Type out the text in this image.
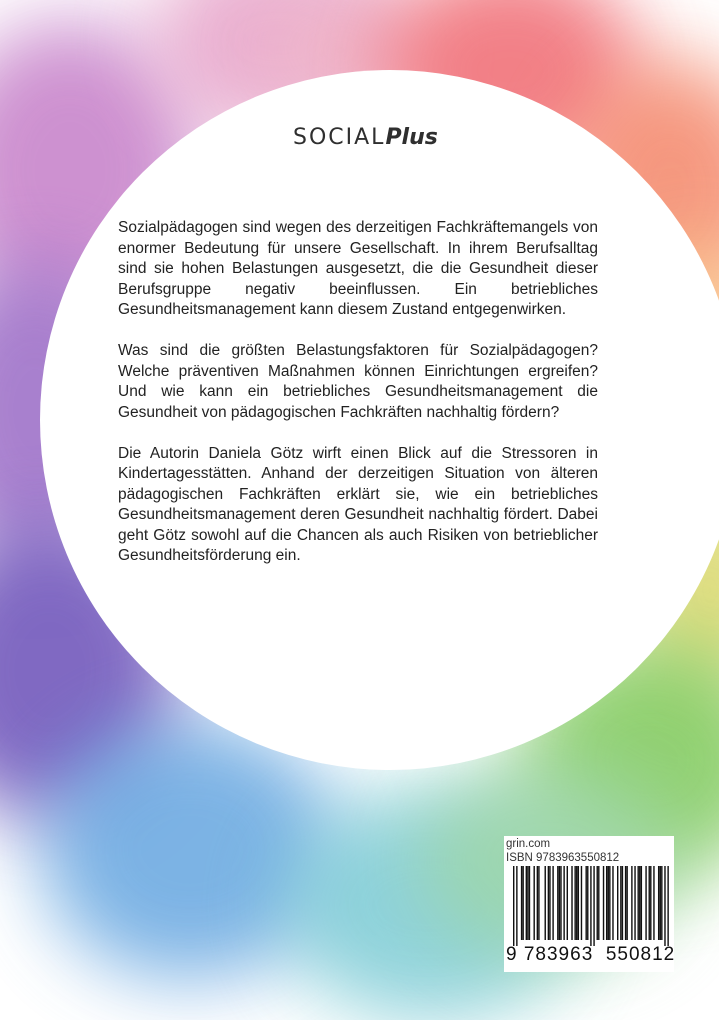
SOCIALPlus

Sozialpädagogen sind wegen des derzeitigen Fachkräftemangels von enormer Bedeutung für unsere Gesellschaft. In ihrem Berufsalltag sind sie hohen Belastungen ausgesetzt, die die Gesundheit dieser Berufsgruppe negativ beeinflussen. Ein betriebliches Gesundheitsmanagement kann diesem Zustand entgegenwirken.

Was sind die größten Belastungsfaktoren für Sozialpädagogen? Welche präventiven Maßnahmen können Einrichtungen ergreifen? Und wie kann ein betriebliches Gesundheitsmanagement die Gesundheit von pädagogischen Fachkräften nachhaltig fördern?

Die Autorin Daniela Götz wirft einen Blick auf die Stressoren in Kindertagesstätten. Anhand der derzeitigen Situation von älteren pädagogischen Fachkräften erklärt sie, wie ein betriebliches Gesundheitsmanagement deren Gesundheit nachhaltig fördert. Dabei geht Götz sowohl auf die Chancen als auch Risiken von betrieblicher Gesundheitsförderung ein.

grin.com
ISBN 9783963550812
9 783963 550812
